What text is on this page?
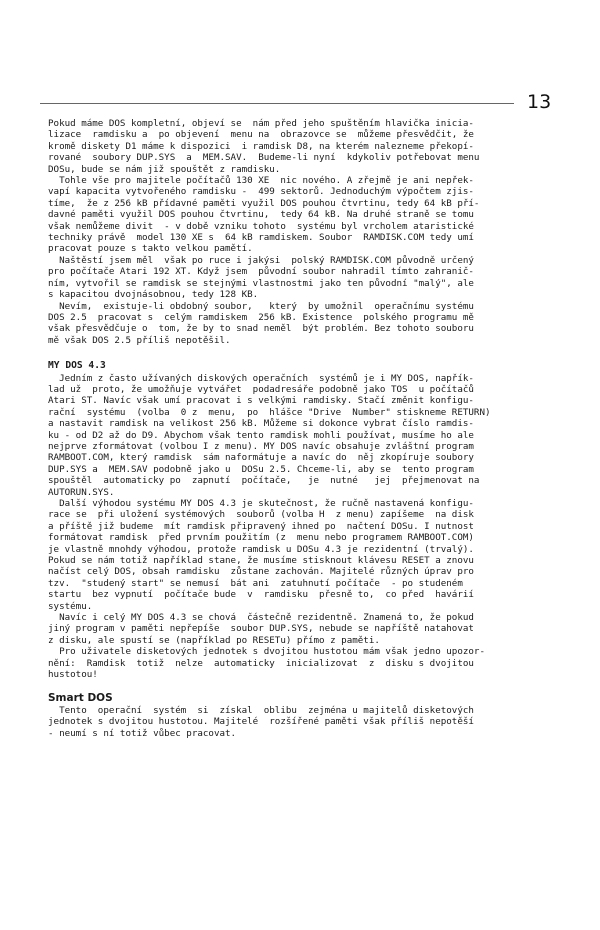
13

Pokud máme DOS kompletní, objeví se  nám před jeho spuštěním hlavička inicia-
lizace  ramdisku a  po objevení  menu na  obrazovce se  můžeme přesvědčit, že
kromě diskety D1 máme k dispozici  i ramdisk D8, na kterém nalezneme překopí-
rované  soubory DUP.SYS  a  MEM.SAV.  Budeme-li nyní  kdykoliv potřebovat menu
DOSu, bude se nám již spouštět z ramdisku.

Tohle vše pro majitele počítačů 130 XE  nic nového. A zřejmě je ani nepřek-
vapí kapacita vytvořeného ramdisku -  499 sektorů. Jednoduchým výpočtem zjis-
tíme,  že z 256 kB přídavné paměti využil DOS pouhou čtvrtinu, tedy 64 kB pří-
davné paměti využil DOS pouhou čtvrtinu,  tedy 64 kB. Na druhé straně se tomu
však nemůžeme divit  - v době vzniku tohoto  systému byl vrcholem ataristické
techniky právě  model 130 XE s  64 kB ramdiskem. Soubor  RAMDISK.COM tedy umí
pracovat pouze s takto velkou pamětí.

Naštěstí jsem měl  však po ruce i jakýsi  polský RAMDISK.COM původně určený
pro počítače Atari 192 XT. Když jsem  původní soubor nahradil tímto zahranič-
ním, vytvořil se ramdisk se stejnými vlastnostmi jako ten původní "malý", ale
s kapacitou dvojnásobnou, tedy 128 KB.

Nevím,  existuje-li obdobný soubor,   který  by umožnil  operačnímu systému
DOS 2.5  pracovat s  celým ramdiskem  256 kB. Existence  polského programu mě
však přesvědčuje o  tom, že by to snad neměl  být problém. Bez tohoto souboru
mě však DOS 2.5 příliš nepotěšil.

MY DOS 4.3

Jedním z často užívaných diskových operačních  systémů je i MY DOS, napřík-
lad už  proto, že umožňuje vytvářet  podadresáře podobně jako TOS  u počítačů
Atari ST. Navíc však umí pracovat i s velkými ramdisky. Stačí změnit konfigu-
rační  systému  (volba  0 z  menu,  po  hlášce "Drive  Number" stiskneme RETURN)
a nastavit ramdisk na velikost 256 kB. Můžeme si dokonce vybrat číslo ramdis-
ku - od D2 až do D9. Abychom však tento ramdisk mohli používat, musíme ho ale
nejprve zformátovat (volbou I z menu). MY DOS navíc obsahuje zvláštní program
RAMBOOT.COM, který ramdisk  sám naformátuje a navíc do  něj zkopíruje soubory
DUP.SYS a  MEM.SAV podobně jako u  DOSu 2.5. Chceme-li, aby se  tento program
spouštěl  automaticky po  zapnutí  počítače,   je  nutné   jej  přejmenovat na
AUTORUN.SYS.

Další výhodou systému MY DOS 4.3 je skutečnost, že ručně nastavená konfigu-
race se  při uložení systémových  souborů (volba H  z menu) zapíšeme  na disk
a příště již budeme  mít ramdisk připravený ihned po  načtení DOSu. I nutnost
formátovat ramdisk  před prvním použitím (z  menu nebo programem RAMBOOT.COM)
je vlastně mnohdy výhodou, protože ramdisk u DOSu 4.3 je rezidentní (trvalý).
Pokud se nám totiž například stane, že musíme stisknout klávesu RESET a znovu
načíst celý DOS, obsah ramdisku  zůstane zachován. Majitelé různých úprav pro
tzv.  "studený start" se nemusí  bát ani  zatuhnutí počítače  - po studeném
startu  bez vypnutí  počítače bude  v  ramdisku  přesně to,  co před  havárií
systému.

Navíc i celý MY DOS 4.3 se chová  částečně rezidentně. Znamená to, že pokud
jiný program v paměti nepřepíše  soubor DUP.SYS, nebude se napříště natahovat
z disku, ale spustí se (například po RESETu) přímo z paměti.

Pro uživatele disketových jednotek s dvojitou hustotou mám však jedno upozor-
nění:  Ramdisk  totiž  nelze  automaticky  inicializovat  z  disku s dvojitou
hustotou!

Smart DOS

Tento  operační  systém  si  získal  oblibu  zejména u majitelů disketových
jednotek s dvojitou hustotou. Majitelé  rozšířené paměti však příliš nepotěší
- neumí s ní totiž vůbec pracovat.
